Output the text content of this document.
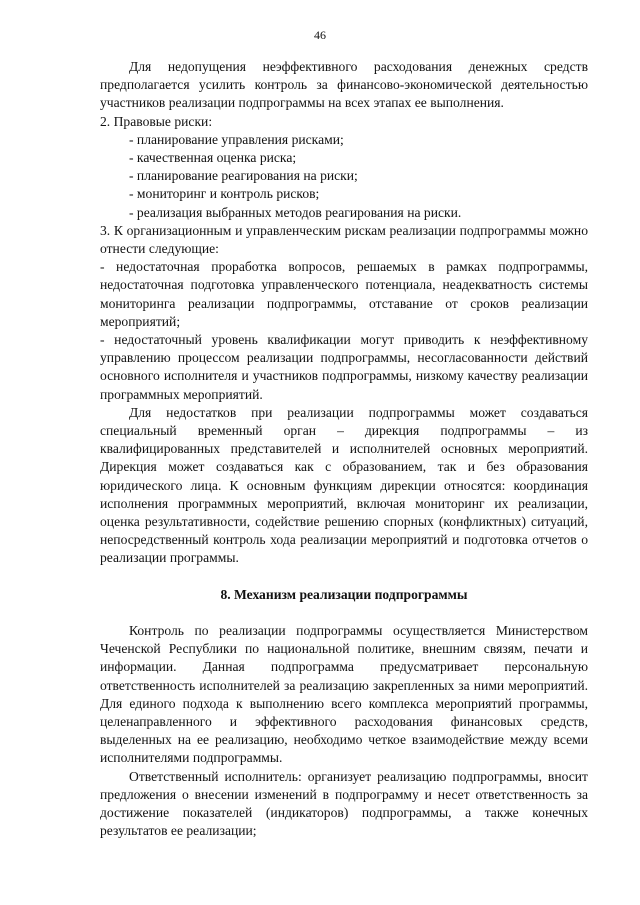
46

Для недопущения неэффективного расходования денежных средств предполагается усилить контроль за финансово-экономической деятельностью участников реализации подпрограммы на всех этапах ее выполнения.

2. Правовые риски:

- планирование управления рисками;

- качественная оценка риска;

- планирование реагирования на риски;

- мониторинг и контроль рисков;

- реализация выбранных методов реагирования на риски.

3. К организационным и управленческим рискам реализации подпрограммы можно отнести следующие:

- недостаточная проработка вопросов, решаемых в рамках подпрограммы, недостаточная подготовка управленческого потенциала, неадекватность системы мониторинга реализации подпрограммы, отставание от сроков реализации мероприятий;

- недостаточный уровень квалификации могут приводить к неэффективному управлению процессом реализации подпрограммы, несогласованности действий основного исполнителя и участников подпрограммы, низкому качеству реализации программных мероприятий.

Для недостатков при реализации подпрограммы может создаваться специальный временный орган – дирекция подпрограммы – из квалифицированных представителей и исполнителей основных мероприятий. Дирекция может создаваться как с образованием, так и без образования юридического лица. К основным функциям дирекции относятся: координация исполнения программных мероприятий, включая мониторинг их реализации, оценка результативности, содействие решению спорных (конфликтных) ситуаций, непосредственный контроль хода реализации мероприятий и подготовка отчетов о реализации программы.

8. Механизм реализации подпрограммы

Контроль по реализации подпрограммы осуществляется Министерством Чеченской Республики по национальной политике, внешним связям, печати и информации. Данная подпрограмма предусматривает персональную ответственность исполнителей за реализацию закрепленных за ними мероприятий. Для единого подхода к выполнению всего комплекса мероприятий программы, целенаправленного и эффективного расходования финансовых средств, выделенных на ее реализацию, необходимо четкое взаимодействие между всеми исполнителями подпрограммы.

Ответственный исполнитель: организует реализацию подпрограммы, вносит предложения о внесении изменений в подпрограмму и несет ответственность за достижение показателей (индикаторов) подпрограммы, а также конечных результатов ее реализации;
